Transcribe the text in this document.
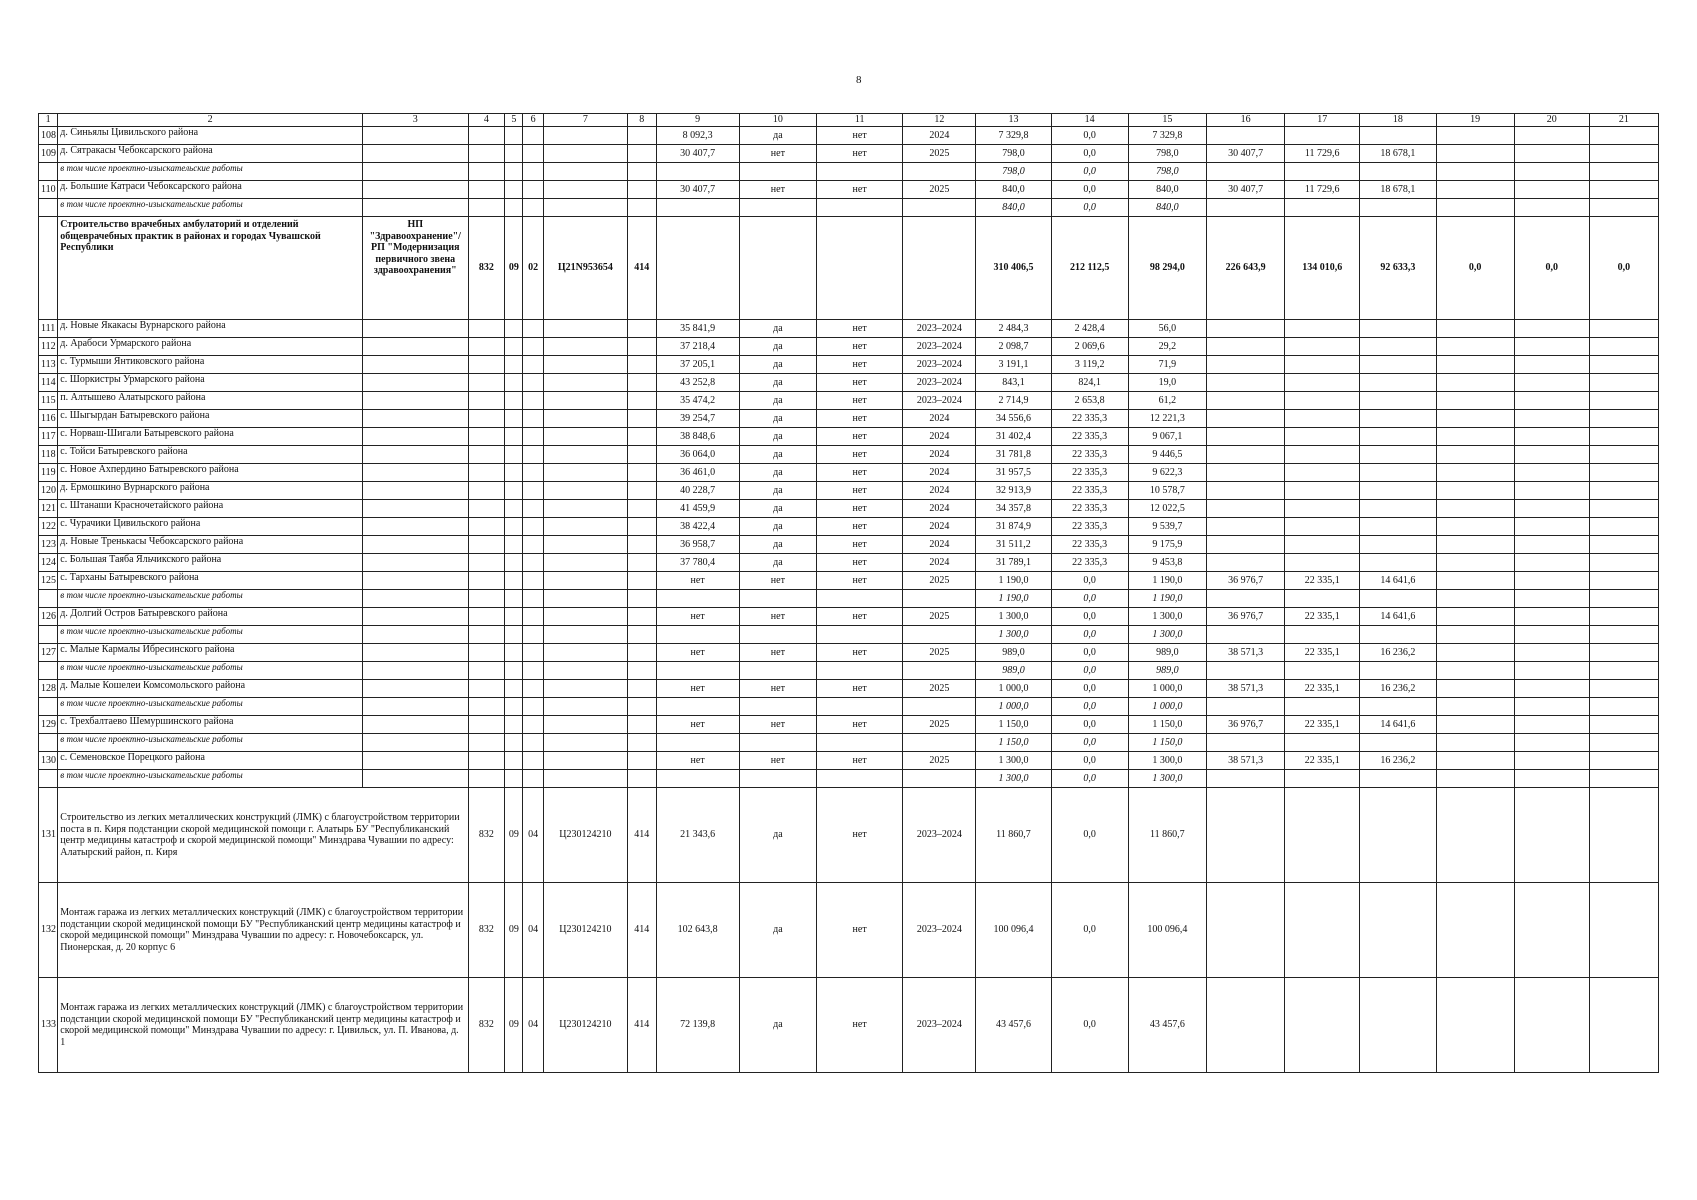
8
1	2	3	4	5	6	7	8	9	10	11	12	13	14	15	16	17	18	19	20	21
108	д. Синьялы Цивильского района							8 092,3	да	нет	2024	7 329,8	0,0	7 329,8						
109	д. Сятракасы Чебоксарского района							30 407,7	нет	нет	2025	798,0	0,0	798,0	30 407,7	11 729,6	18 678,1			
	в том числе проектно-изыскательские работы											798,0	0,0	798,0						
110	д. Большие Катраси Чебоксарского района							30 407,7	нет	нет	2025	840,0	0,0	840,0	30 407,7	11 729,6	18 678,1			
	в том числе проектно-изыскательские работы											840,0	0,0	840,0						
	Строительство врачебных амбулаторий и отделений общеврачебных практик в районах и городах Чувашской Республики	НП "Здравоохранение"/ РП "Модернизация первичного звена здравоохранения"	832	09	02	Ц21N953654	414					310 406,5	212 112,5	98 294,0	226 643,9	134 010,6	92 633,3	0,0	0,0	0,0
111	д. Новые Якакасы Вурнарского района							35 841,9	да	нет	2023–2024	2 484,3	2 428,4	56,0						
112	д. Арабоси Урмарского района							37 218,4	да	нет	2023–2024	2 098,7	2 069,6	29,2						
113	с. Турмыши Янтиковского района							37 205,1	да	нет	2023–2024	3 191,1	3 119,2	71,9						
114	с. Шоркистры Урмарского района							43 252,8	да	нет	2023–2024	843,1	824,1	19,0						
115	п. Алтышево Алатырского района							35 474,2	да	нет	2023–2024	2 714,9	2 653,8	61,2						
116	с. Шыгырдан Батыревского района							39 254,7	да	нет	2024	34 556,6	22 335,3	12 221,3						
117	с. Норваш-Шигали Батыревского района							38 848,6	да	нет	2024	31 402,4	22 335,3	9 067,1						
118	с. Тойси Батыревского района							36 064,0	да	нет	2024	31 781,8	22 335,3	9 446,5						
119	с. Новое Ахпердино Батыревского района							36 461,0	да	нет	2024	31 957,5	22 335,3	9 622,3						
120	д. Ермошкино Вурнарского района							40 228,7	да	нет	2024	32 913,9	22 335,3	10 578,7						
121	с. Штанаши Красночетайского района							41 459,9	да	нет	2024	34 357,8	22 335,3	12 022,5						
122	с. Чурачики Цивильского района							38 422,4	да	нет	2024	31 874,9	22 335,3	9 539,7						
123	д. Новые Тренькасы Чебоксарского района							36 958,7	да	нет	2024	31 511,2	22 335,3	9 175,9						
124	с. Большая Таяба Яльчикского района							37 780,4	да	нет	2024	31 789,1	22 335,3	9 453,8						
125	с. Тарханы Батыревского района							нет	нет	нет	2025	1 190,0	0,0	1 190,0	36 976,7	22 335,1	14 641,6			
	в том числе проектно-изыскательские работы											1 190,0	0,0	1 190,0						
126	д. Долгий Остров Батыревского района							нет	нет	нет	2025	1 300,0	0,0	1 300,0	36 976,7	22 335,1	14 641,6			
	в том числе проектно-изыскательские работы											1 300,0	0,0	1 300,0						
127	с. Малые Кармалы Ибресинского района							нет	нет	нет	2025	989,0	0,0	989,0	38 571,3	22 335,1	16 236,2			
	в том числе проектно-изыскательские работы											989,0	0,0	989,0						
128	д. Малые Кошелеи Комсомольского района							нет	нет	нет	2025	1 000,0	0,0	1 000,0	38 571,3	22 335,1	16 236,2			
	в том числе проектно-изыскательские работы											1 000,0	0,0	1 000,0						
129	с. Трехбалтаево Шемуршинского района							нет	нет	нет	2025	1 150,0	0,0	1 150,0	36 976,7	22 335,1	14 641,6			
	в том числе проектно-изыскательские работы											1 150,0	0,0	1 150,0						
130	с. Семеновское Порецкого района							нет	нет	нет	2025	1 300,0	0,0	1 300,0	38 571,3	22 335,1	16 236,2			
	в том числе проектно-изыскательские работы											1 300,0	0,0	1 300,0						
131	Строительство из легких металлических конструкций (ЛМК) с благоустройством территории поста в п. Киря подстанции скорой медицинской помощи г. Алатырь БУ "Республиканский центр медицины катастроф и скорой медицинской помощи" Минздрава Чувашии по адресу: Алатырский район, п. Киря		832	09	04	Ц230124210	414	21 343,6	да	нет	2023–2024	11 860,7	0,0	11 860,7						
132	Монтаж гаража из легких металлических конструкций (ЛМК) с благоустройством территории подстанции скорой медицинской помощи БУ "Республиканский центр медицины катастроф и скорой медицинской помощи" Минздрава Чувашии по адресу: г. Новочебоксарск, ул. Пионерская, д. 20 корпус 6		832	09	04	Ц230124210	414	102 643,8	да	нет	2023–2024	100 096,4	0,0	100 096,4						
133	Монтаж гаража из легких металлических конструкций (ЛМК) с благоустройством территории подстанции скорой медицинской помощи БУ "Республиканский центр медицины катастроф и скорой медицинской помощи" Минздрава Чувашии по адресу: г. Цивильск, ул. П. Иванова, д. 1		832	09	04	Ц230124210	414	72 139,8	да	нет	2023–2024	43 457,6	0,0	43 457,6						
